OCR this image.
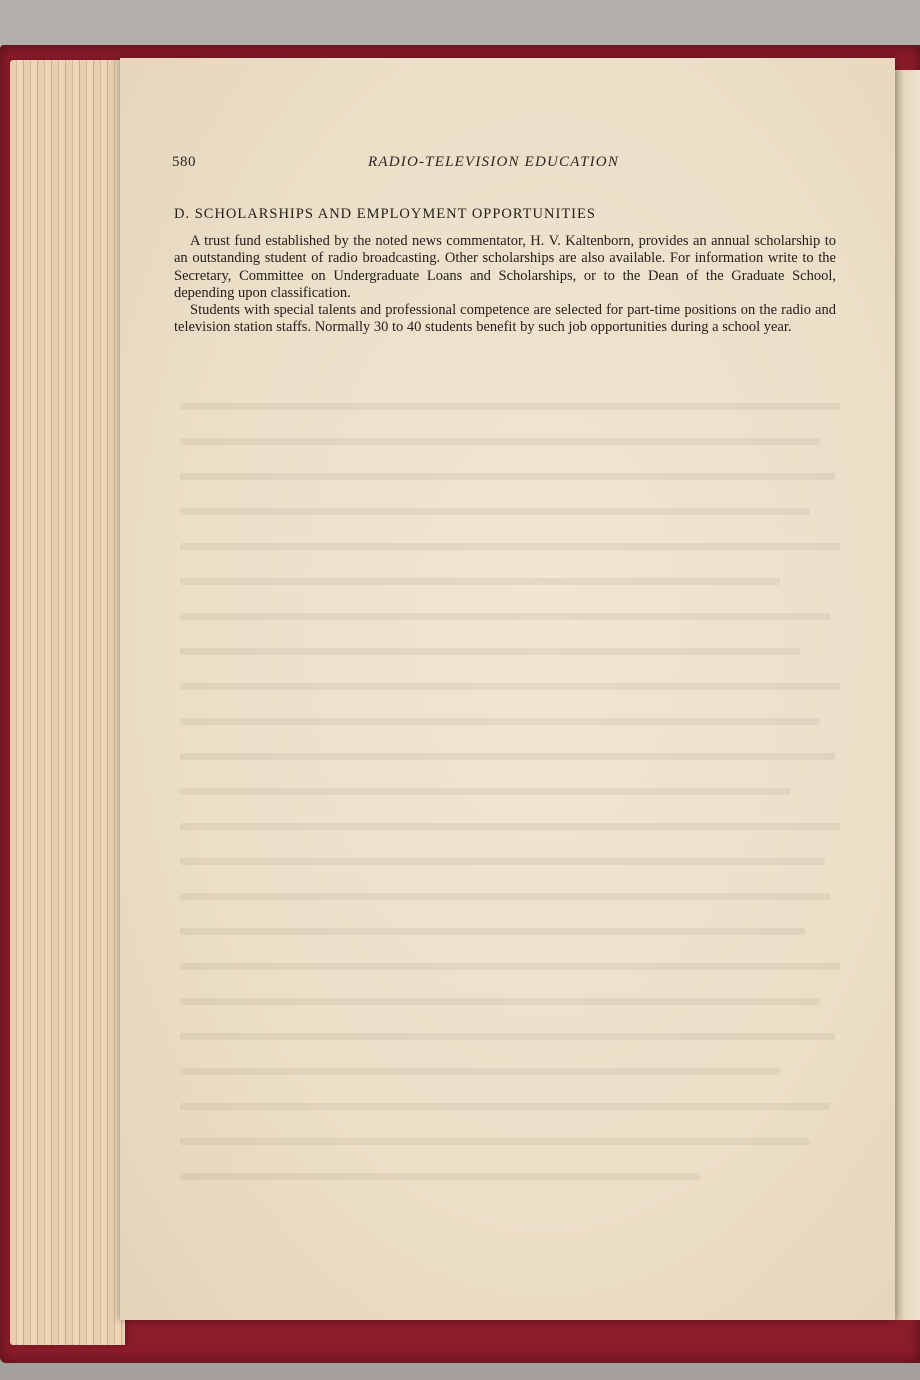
580	RADIO-TELEVISION EDUCATION
D. SCHOLARSHIPS AND EMPLOYMENT OPPORTUNITIES

A trust fund established by the noted news commentator, H. V. Kaltenborn, provides an annual scholarship to an outstanding student of radio broadcasting. Other scholarships are also available. For information write to the Secretary, Committee on Undergraduate Loans and Scholarships, or to the Dean of the Graduate School, depending upon classification.

Students with special talents and professional competence are selected for part-time positions on the radio and television station staffs. Normally 30 to 40 students benefit by such job opportunities during a school year.
